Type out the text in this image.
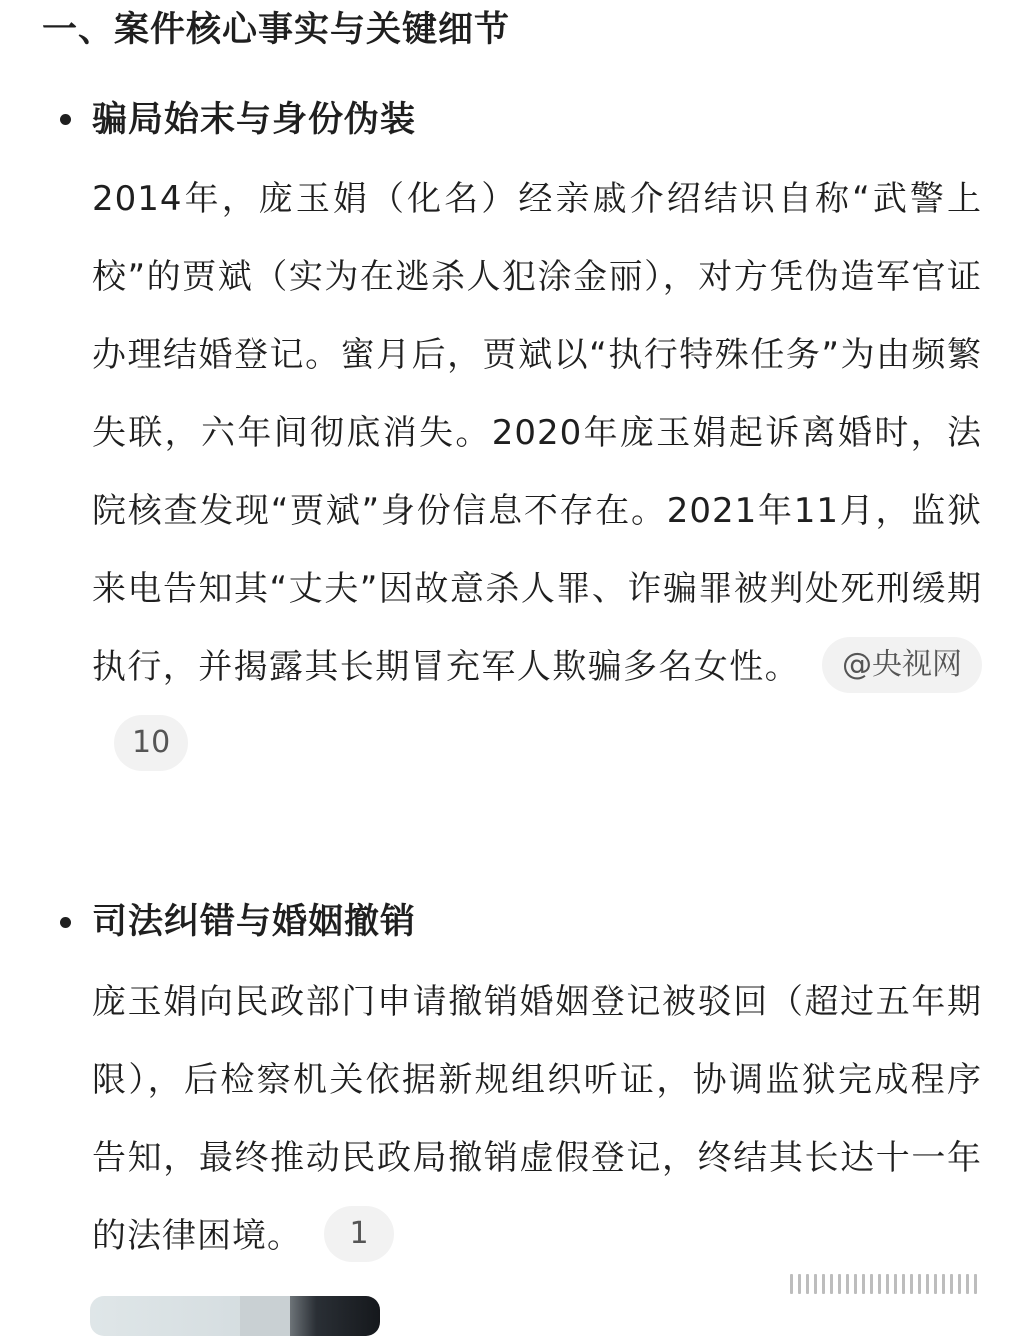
一、案件核心事实与关键细节
骗局始末与身份伪装
2014年，庞玉娟（化名）经亲戚介绍结识自称“武警上校”的贾斌（实为在逃杀人犯涂金丽），对方凭伪造军官证办理结婚登记。蜜月后，贾斌以“执行特殊任务”为由频繁失联，六年间彻底消失。2020年庞玉娟起诉离婚时，法院核查发现“贾斌”身份信息不存在。2021年11月，监狱来电告知其“丈夫”因故意杀人罪、诈骗罪被判处死刑缓期执行，并揭露其长期冒充军人欺骗多名女性。 @央视网10
司法纠错与婚姻撤销
庞玉娟向民政部门申请撤销婚姻登记被驳回（超过五年期限），后检察机关依据新规组织听证，协调监狱完成程序告知，最终推动民政局撤销虚假登记，终结其长达十一年的法律困境。 1
